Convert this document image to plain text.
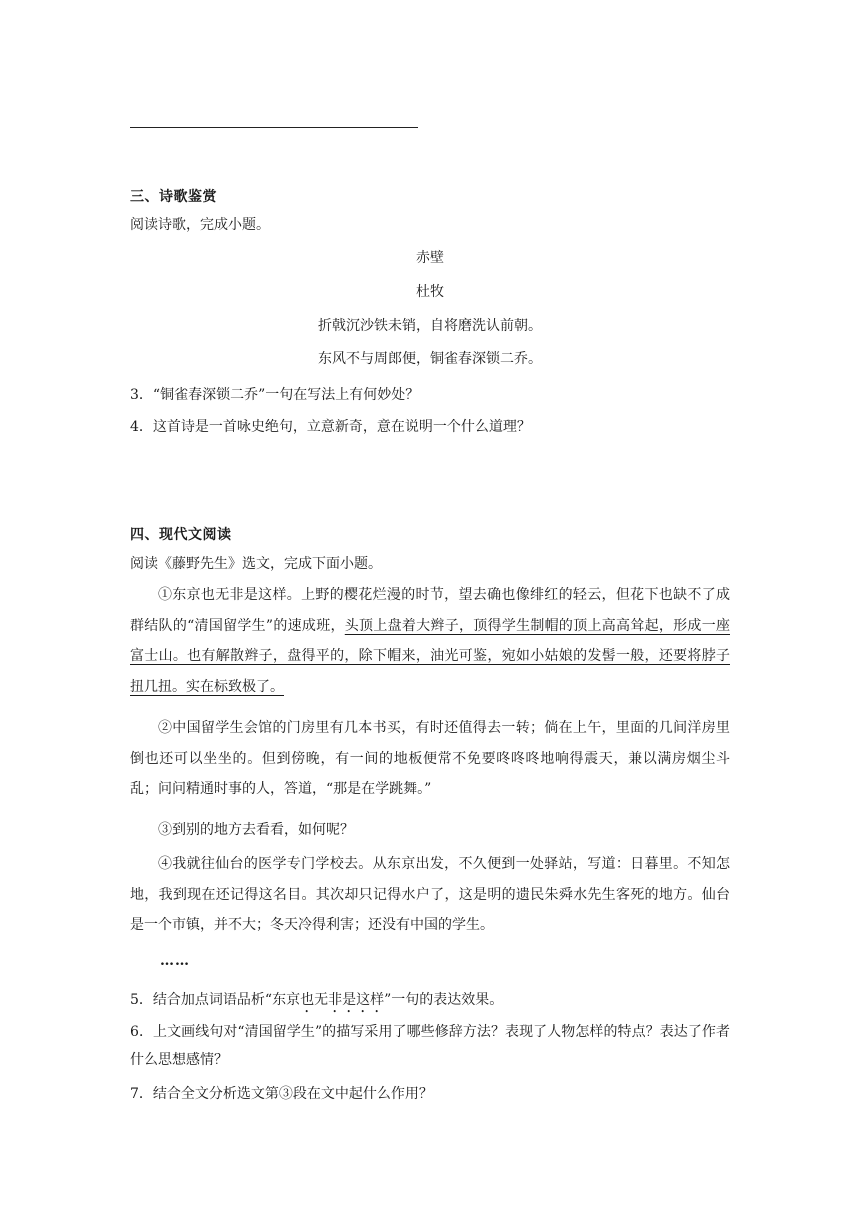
三、诗歌鉴赏
阅读诗歌，完成小题。
赤壁
杜牧
折戟沉沙铁未销，自将磨洗认前朝。
东风不与周郎便，铜雀春深锁二乔。
3．“铜雀春深锁二乔”一句在写法上有何妙处？
4．这首诗是一首咏史绝句，立意新奇，意在说明一个什么道理？
四、现代文阅读
阅读《藤野先生》选文，完成下面小题。
①东京也无非是这样。上野的樱花烂漫的时节，望去确也像绯红的轻云，但花下也缺不了成群结队的“清国留学生”的速成班，头顶上盘着大辫子，顶得学生制帽的顶上高高耸起，形成一座富士山。也有解散辫子，盘得平的，除下帽来，油光可鉴，宛如小姑娘的发髻一般，还要将脖子扭几扭。实在标致极了。
②中国留学生会馆的门房里有几本书买，有时还值得去一转；倘在上午，里面的几间洋房里倒也还可以坐坐的。但到傍晚，有一间的地板便常不免要咚咚咚地响得震天，兼以满房烟尘斗乱；问问精通时事的人，答道，“那是在学跳舞。”
③到别的地方去看看，如何呢？
④我就往仙台的医学专门学校去。从东京出发，不久便到一处驿站，写道：日暮里。不知怎地，我到现在还记得这名目。其次却只记得水户了，这是明的遗民朱舜水先生客死的地方。仙台是一个市镇，并不大；冬天冷得利害；还没有中国的学生。
……
5．结合加点词语品析“东京也无非是这样”一句的表达效果。
6．上文画线句对“清国留学生”的描写采用了哪些修辞方法？表现了人物怎样的特点？表达了作者什么思想感情？
7．结合全文分析选文第③段在文中起什么作用？
